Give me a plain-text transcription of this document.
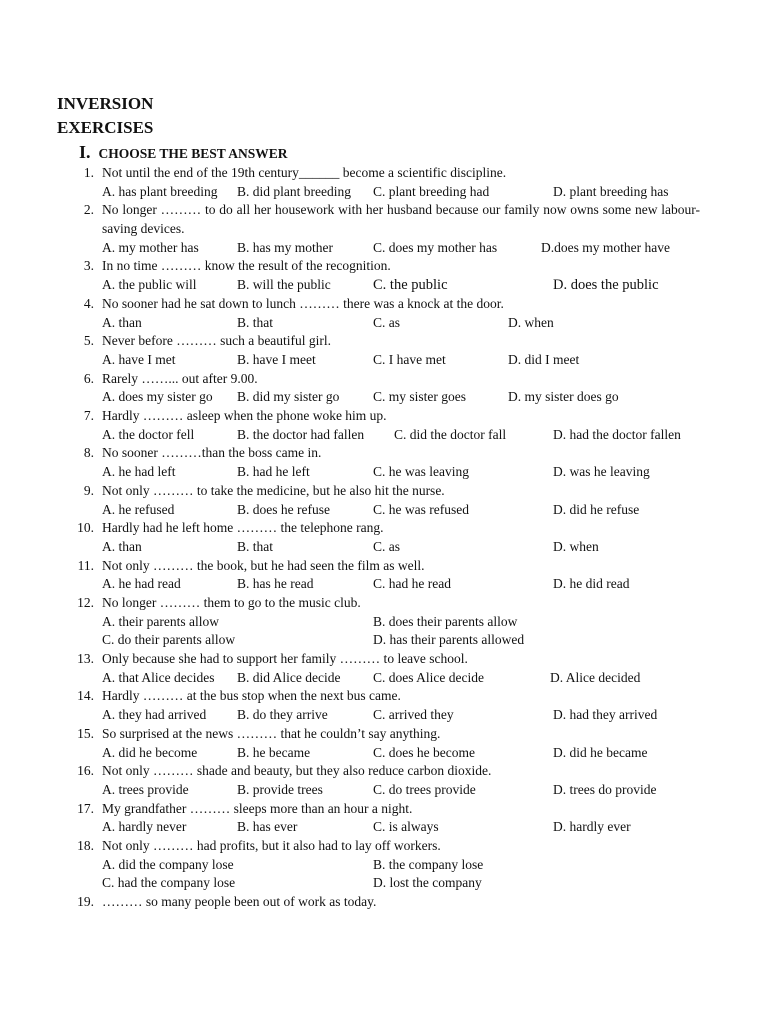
INVERSION
EXERCISES
I. CHOOSE THE BEST ANSWER
1. Not until the end of the 19th century______ become a scientific discipline.
A. has plant breeding B. did plant breeding C. plant breeding had	D. plant breeding has
2. No longer ……… to do all her housework with her husband because our family now owns some new labour-saving devices.
A. my mother has	B. has my mother	C. does my mother has	D.does my mother have
3. In no time ……… know the result of the recognition.
A. the public will	B. will the public	C. the public	D. does the public
4. No sooner had he sat down to lunch ……… there was a knock at the door.
A. than	B. that	C. as	D. when
5. Never before ……… such a beautiful girl.
A. have I met	B. have I meet	C. I have met	D. did I meet
6. Rarely ……... out after 9.00.
A. does my sister go B. did my sister go C. my sister goes	D. my sister does go
7. Hardly ……… asleep when the phone woke him up.
A. the doctor fell	B. the doctor had fallen C. did the doctor fall	D. had the doctor fallen
8. No sooner ………than the boss came in.
A. he had left	B. had he left	C. he was leaving	D. was he leaving
9. Not only ……… to take the medicine, but he also hit the nurse.
A. he refused	B. does he refuse	C. he was refused	D. did he refuse
10. Hardly had he left home ……… the telephone rang.
A. than	B. that	C. as	D. when
11. Not only ……… the book, but he had seen the film as well.
A. he had read	B. has he read	C. had he read	D. he did read
12. No longer ……… them to go to the music club.
A. their parents allow	B. does their parents allow
C. do their parents allow	D. has their parents allowed
13. Only because she had to support her family ……… to leave school.
A. that Alice decides B. did Alice decide C. does Alice decide	D. Alice decided
14. Hardly ……… at the bus stop when the next bus came.
A. they had arrived B. do they arrive	C. arrived they	D. had they arrived
15. So surprised at the news ……… that he couldn’t say anything.
A. did he become	B. he became	C. does he become	D. did he became
16. Not only ……… shade and beauty, but they also reduce carbon dioxide.
A. trees provide	B. provide trees	C. do trees provide	D. trees do provide
17. My grandfather ……… sleeps more than an hour a night.
A. hardly never	B. has ever	C. is always	D. hardly ever
18. Not only ……… had profits, but it also had to lay off workers.
A. did the company lose	B. the company lose
C. had the company lose	D. lost the company
19. ……… so many people been out of work as today.
